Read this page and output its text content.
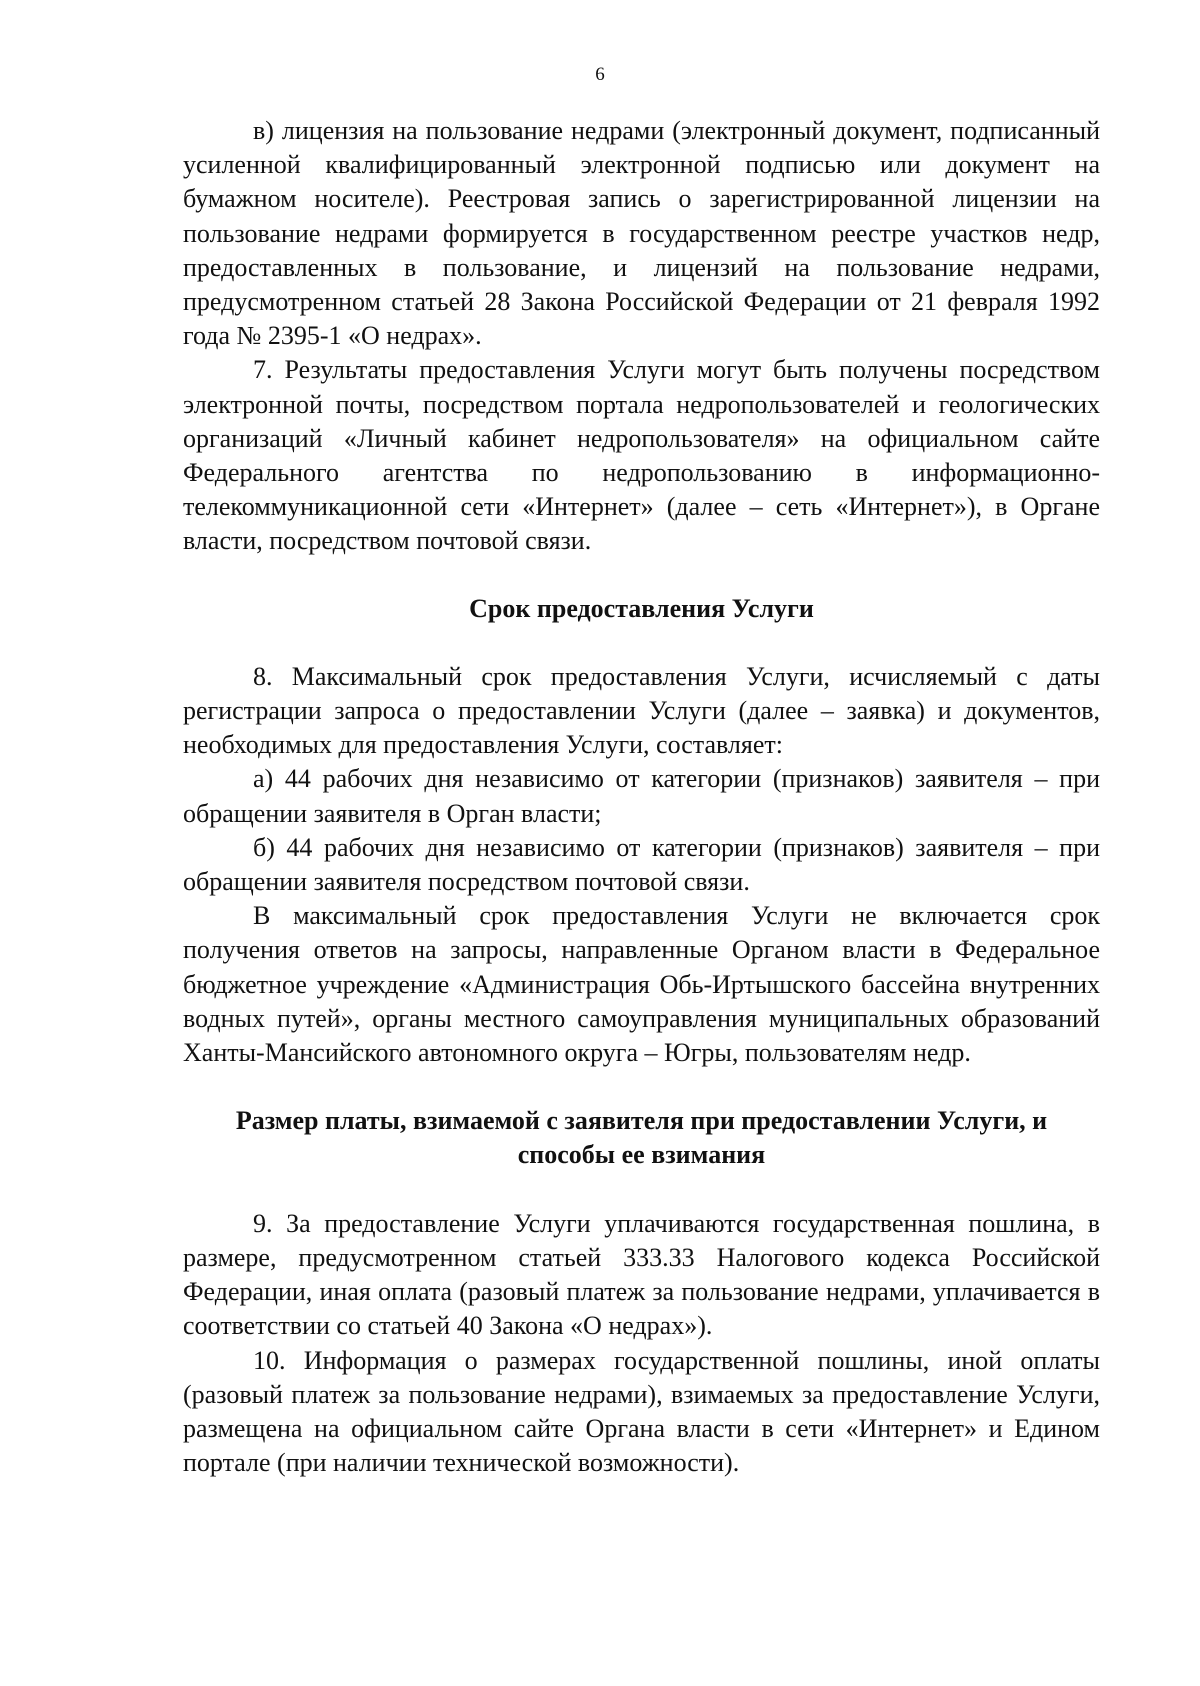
6

в) лицензия на пользование недрами (электронный документ, подписанный усиленной квалифицированный электронной подписью или документ на бумажном носителе). Реестровая запись о зарегистрированной лицензии на пользование недрами формируется в государственном реестре участков недр, предоставленных в пользование, и лицензий на пользование недрами, предусмотренном статьей 28 Закона Российской Федерации от 21 февраля 1992 года № 2395-1 «О недрах».

7. Результаты предоставления Услуги могут быть получены посредством электронной почты, посредством портала недропользователей и геологических организаций «Личный кабинет недропользователя» на официальном сайте Федерального агентства по недропользованию в информационно-телекоммуникационной сети «Интернет» (далее – сеть «Интернет»), в Органе власти, посредством почтовой связи.

Срок предоставления Услуги

8. Максимальный срок предоставления Услуги, исчисляемый с даты регистрации запроса о предоставлении Услуги (далее – заявка) и документов, необходимых для предоставления Услуги, составляет:

а) 44 рабочих дня независимо от категории (признаков) заявителя – при обращении заявителя в Орган власти;

б) 44 рабочих дня независимо от категории (признаков) заявителя – при обращении заявителя посредством почтовой связи.

В максимальный срок предоставления Услуги не включается срок получения ответов на запросы, направленные Органом власти в Федеральное бюджетное учреждение «Администрация Обь-Иртышского бассейна внутренних водных путей», органы местного самоуправления муниципальных образований Ханты-Мансийского автономного округа – Югры, пользователям недр.

Размер платы, взимаемой с заявителя при предоставлении Услуги, и
способы ее взимания

9. За предоставление Услуги уплачиваются государственная пошлина, в размере, предусмотренном статьей 333.33 Налогового кодекса Российской Федерации, иная оплата (разовый платеж за пользование недрами, уплачивается в соответствии со статьей 40 Закона «О недрах»).

10. Информация о размерах государственной пошлины, иной оплаты (разовый платеж за пользование недрами), взимаемых за предоставление Услуги, размещена на официальном сайте Органа власти в сети «Интернет» и Едином портале (при наличии технической возможности).
